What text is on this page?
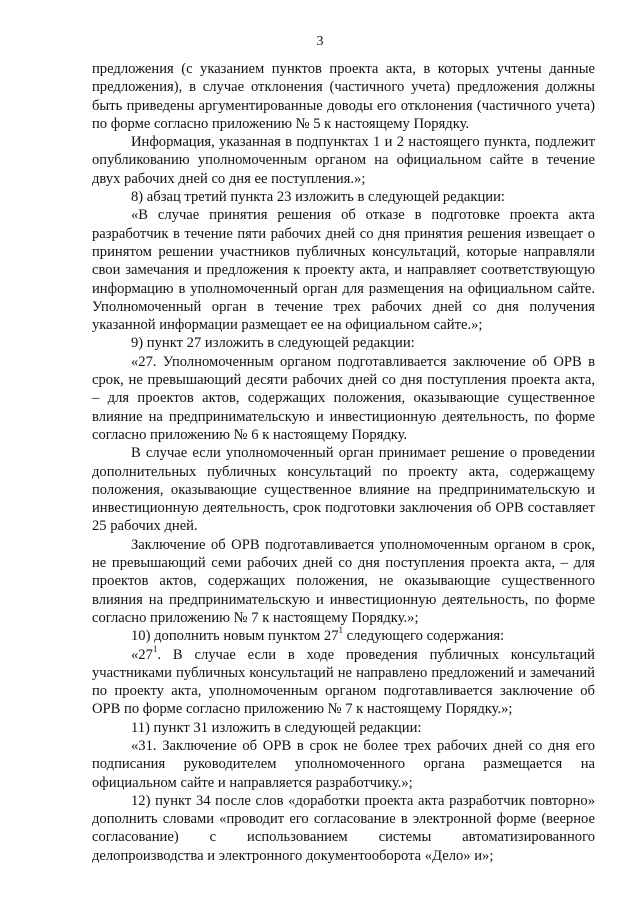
3

предложения (с указанием пунктов проекта акта, в которых учтены данные предложения), в случае отклонения (частичного учета) предложения должны быть приведены аргументированные доводы его отклонения (частичного учета) по форме согласно приложению № 5 к настоящему Порядку.

Информация, указанная в подпунктах 1 и 2 настоящего пункта, подлежит опубликованию уполномоченным органом на официальном сайте в течение двух рабочих дней со дня ее поступления.»;

8) абзац третий пункта 23 изложить в следующей редакции:

«В случае принятия решения об отказе в подготовке проекта акта разработчик в течение пяти рабочих дней со дня принятия решения извещает о принятом решении участников публичных консультаций, которые направляли свои замечания и предложения к проекту акта, и направляет соответствующую информацию в уполномоченный орган для размещения на официальном сайте. Уполномоченный орган в течение трех рабочих дней со дня получения указанной информации размещает ее на официальном сайте.»;

9) пункт 27 изложить в следующей редакции:

«27. Уполномоченным органом подготавливается заключение об ОРВ в срок, не превышающий десяти рабочих дней со дня поступления проекта акта, – для проектов актов, содержащих положения, оказывающие существенное влияние на предпринимательскую и инвестиционную деятельность, по форме согласно приложению № 6 к настоящему Порядку.

В случае если уполномоченный орган принимает решение о проведении дополнительных публичных консультаций по проекту акта, содержащему положения, оказывающие существенное влияние на предпринимательскую и инвестиционную деятельность, срок подготовки заключения об ОРВ составляет 25 рабочих дней.

Заключение об ОРВ подготавливается уполномоченным органом в срок, не превышающий семи рабочих дней со дня поступления проекта акта, – для проектов актов, содержащих положения, не оказывающие существенного влияния на предпринимательскую и инвестиционную деятельность, по форме согласно приложению № 7 к настоящему Порядку.»;

10) дополнить новым пунктом $27^1$ следующего содержания:

«$27^1$. В случае если в ходе проведения публичных консультаций участниками публичных консультаций не направлено предложений и замечаний по проекту акта, уполномоченным органом подготавливается заключение об ОРВ по форме согласно приложению № 7 к настоящему Порядку.»;

11) пункт 31 изложить в следующей редакции:

«31. Заключение об ОРВ в срок не более трех рабочих дней со дня его подписания руководителем уполномоченного органа размещается на официальном сайте и направляется разработчику.»;

12) пункт 34 после слов «доработки проекта акта разработчик повторно» дополнить словами «проводит его согласование в электронной форме (веерное согласование) с использованием системы автоматизированного делопроизводства и электронного документооборота «Дело» и»;
